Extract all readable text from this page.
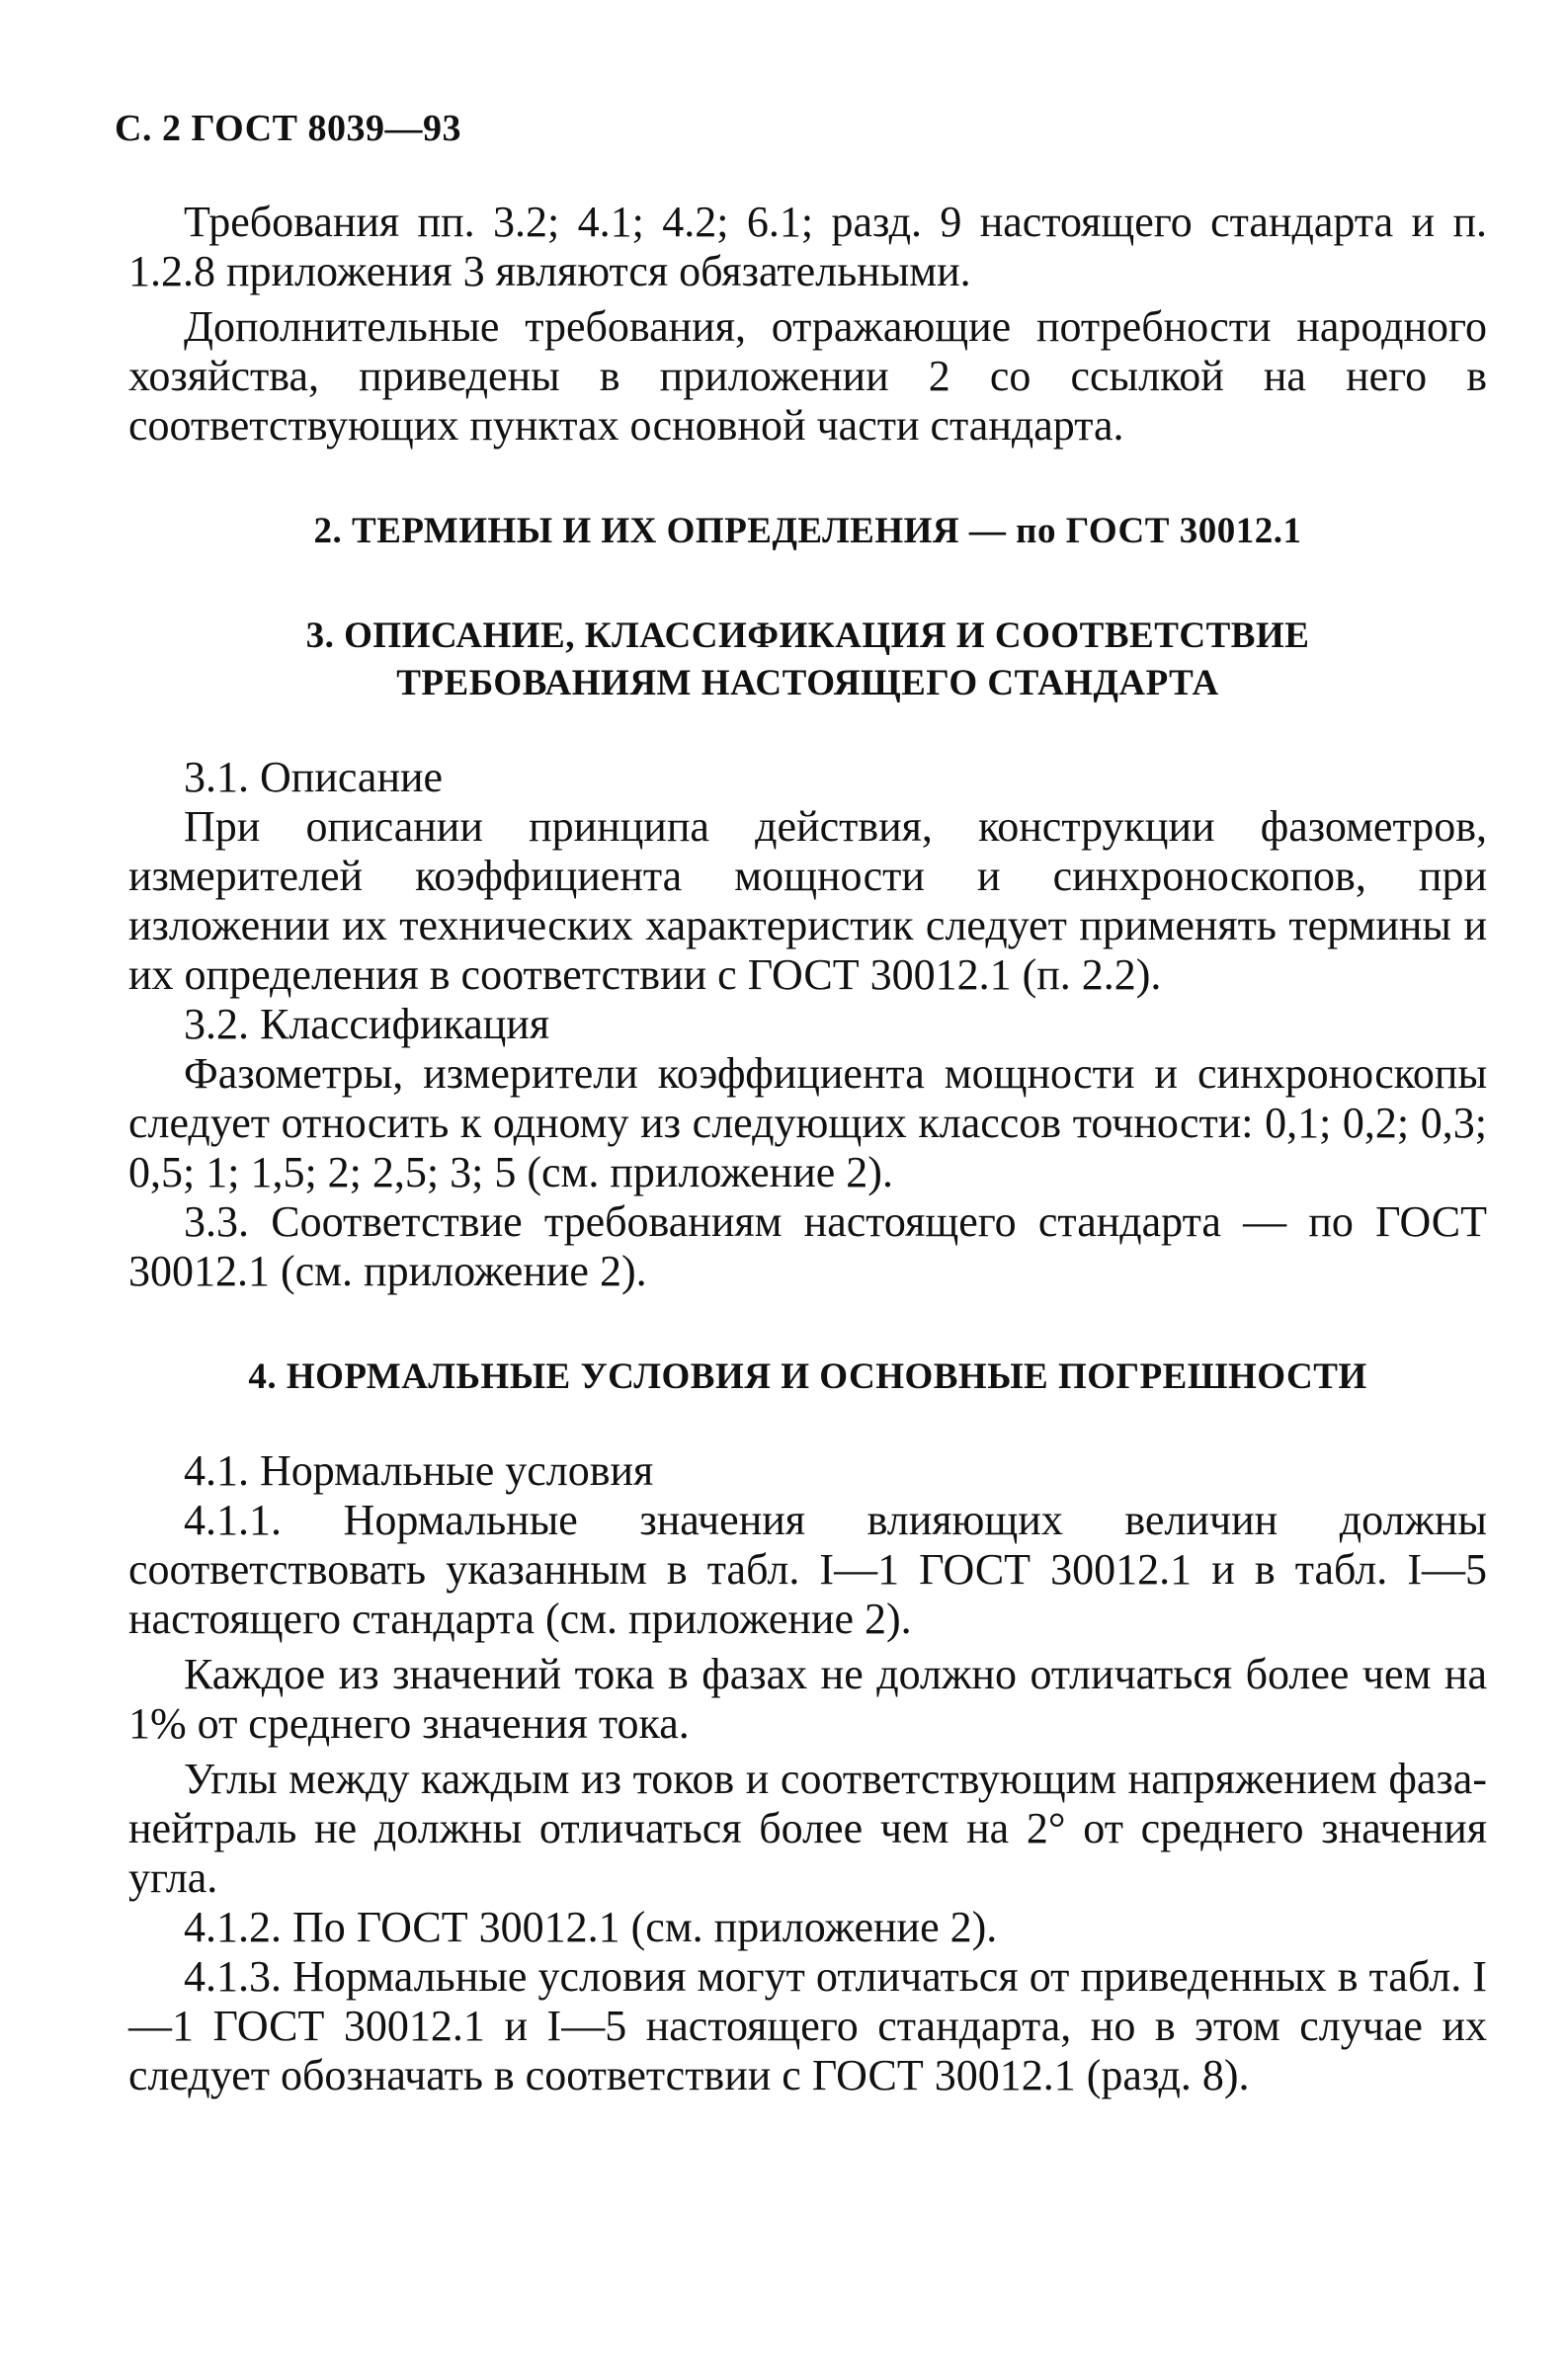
С. 2 ГОСТ 8039—93

Требования пп. 3.2; 4.1; 4.2; 6.1; разд. 9 настоящего стандарта и п. 1.2.8 приложения 3 являются обязательными.

Дополнительные требования, отражающие потребности народного хозяйства, приведены в приложении 2 со ссылкой на него в соответствующих пунктах основной части стандарта.

2. ТЕРМИНЫ И ИХ ОПРЕДЕЛЕНИЯ — по ГОСТ 30012.1
3. ОПИСАНИЕ, КЛАССИФИКАЦИЯ И СООТВЕТСТВИЕ
ТРЕБОВАНИЯМ НАСТОЯЩЕГО СТАНДАРТА

3.1. Описание

При описании принципа действия, конструкции фазометров, измерителей коэффициента мощности и синхроноскопов, при изложении их технических характеристик следует применять термины и их определения в соответствии с ГОСТ 30012.1 (п. 2.2).

3.2. Классификация

Фазометры, измерители коэффициента мощности и синхроноскопы следует относить к одному из следующих классов точности: 0,1; 0,2; 0,3; 0,5; 1; 1,5; 2; 2,5; 3; 5 (см. приложение 2).

3.3. Соответствие требованиям настоящего стандарта — по ГОСТ 30012.1 (см. приложение 2).

4. НОРМАЛЬНЫЕ УСЛОВИЯ И ОСНОВНЫЕ ПОГРЕШНОСТИ

4.1. Нормальные условия

4.1.1. Нормальные значения влияющих величин должны соответствовать указанным в табл. I—1 ГОСТ 30012.1 и в табл. I—5 настоящего стандарта (см. приложение 2).

Каждое из значений тока в фазах не должно отличаться более чем на 1% от среднего значения тока.

Углы между каждым из токов и соответствующим напряжением фаза-нейтраль не должны отличаться более чем на 2° от среднего значения угла.

4.1.2. По ГОСТ 30012.1 (см. приложение 2).

4.1.3. Нормальные условия могут отличаться от приведенных в табл. I—1 ГОСТ 30012.1 и I—5 настоящего стандарта, но в этом случае их следует обозначать в соответствии с ГОСТ 30012.1 (разд. 8).
